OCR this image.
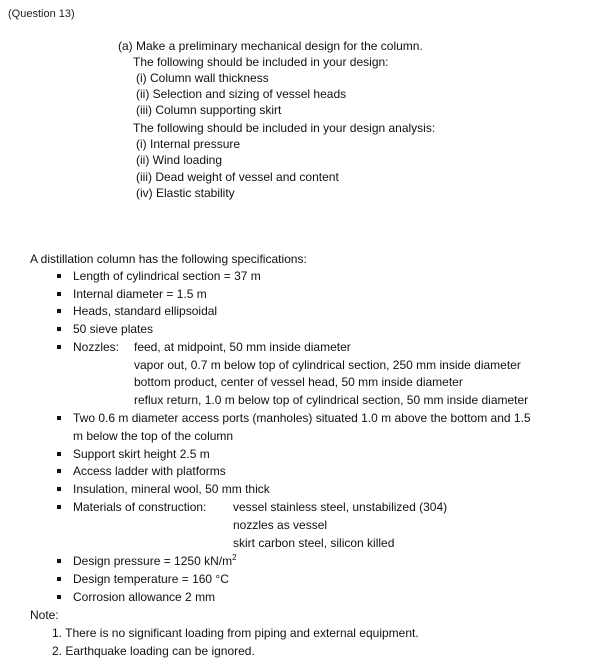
(Question 13)
(a) Make a preliminary mechanical design for the column.
The following should be included in your design:
(i) Column wall thickness
(ii) Selection and sizing of vessel heads
(iii) Column supporting skirt
The following should be included in your design analysis:
(i) Internal pressure
(ii) Wind loading
(iii) Dead weight of vessel and content
(iv) Elastic stability
A distillation column has the following specifications:
Length of cylindrical section = 37 m
Internal diameter = 1.5 m
Heads, standard ellipsoidal
50 sieve plates
Nozzles: feed, at midpoint, 50 mm inside diameter
vapor out, 0.7 m below top of cylindrical section, 250 mm inside diameter
bottom product, center of vessel head, 50 mm inside diameter
reflux return, 1.0 m below top of cylindrical section, 50 mm inside diameter
Two 0.6 m diameter access ports (manholes) situated 1.0 m above the bottom and 1.5
m below the top of the column
Support skirt height 2.5 m
Access ladder with platforms
Insulation, mineral wool, 50 mm thick
Materials of construction: vessel stainless steel, unstabilized (304)
nozzles as vessel
skirt carbon steel, silicon killed
Design pressure = 1250 $kN/m^2$
Design temperature = 160 °C
Corrosion allowance 2 mm
Note:
1. There is no significant loading from piping and external equipment.
2. Earthquake loading can be ignored.
